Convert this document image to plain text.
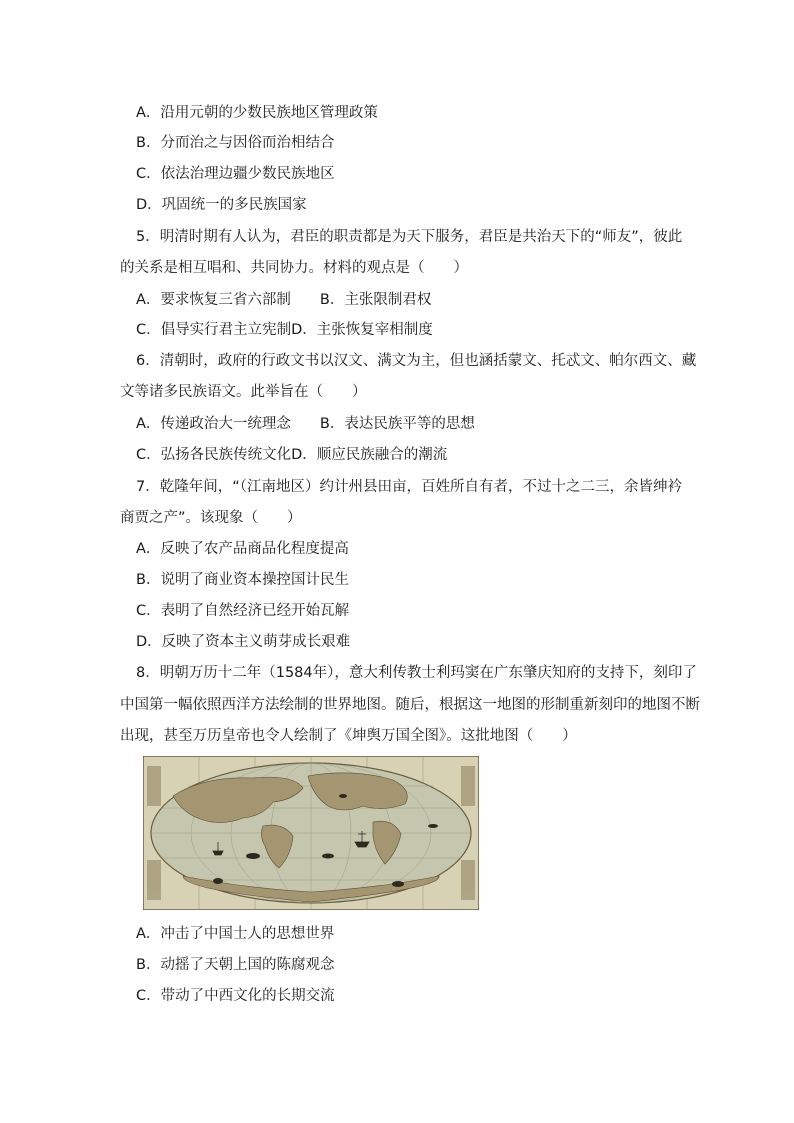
A．沿用元朝的少数民族地区管理政策
B．分而治之与因俗而治相结合
C．依法治理边疆少数民族地区
D．巩固统一的多民族国家
5．明清时期有人认为，君臣的职责都是为天下服务，君臣是共治天下的“师友”，彼此
的关系是相互唱和、共同协力。材料的观点是（　　）
A．要求恢复三省六部制　　B．主张限制君权
C．倡导实行君主立宪制D．主张恢复宰相制度
6．清朝时，政府的行政文书以汉文、满文为主，但也涵括蒙文、托忒文、帕尔西文、藏
文等诸多民族语文。此举旨在（　　）
A．传递政治大一统理念　　B．表达民族平等的思想
C．弘扬各民族传统文化D．顺应民族融合的潮流
7．乾隆年间，“（江南地区）约计州县田亩，百姓所自有者，不过十之二三，余皆绅衿
商贾之产”。该现象（　　）
A．反映了农产品商品化程度提高
B．说明了商业资本操控国计民生
C．表明了自然经济已经开始瓦解
D．反映了资本主义萌芽成长艰难
8．明朝万历十二年（1584年），意大利传教士利玛窦在广东肇庆知府的支持下，刻印了
中国第一幅依照西洋方法绘制的世界地图。随后，根据这一地图的形制重新刻印的地图不断
出现，甚至万历皇帝也令人绘制了《坤舆万国全图》。这批地图（　　）
A．冲击了中国士人的思想世界
B．动摇了天朝上国的陈腐观念
C．带动了中西文化的长期交流
